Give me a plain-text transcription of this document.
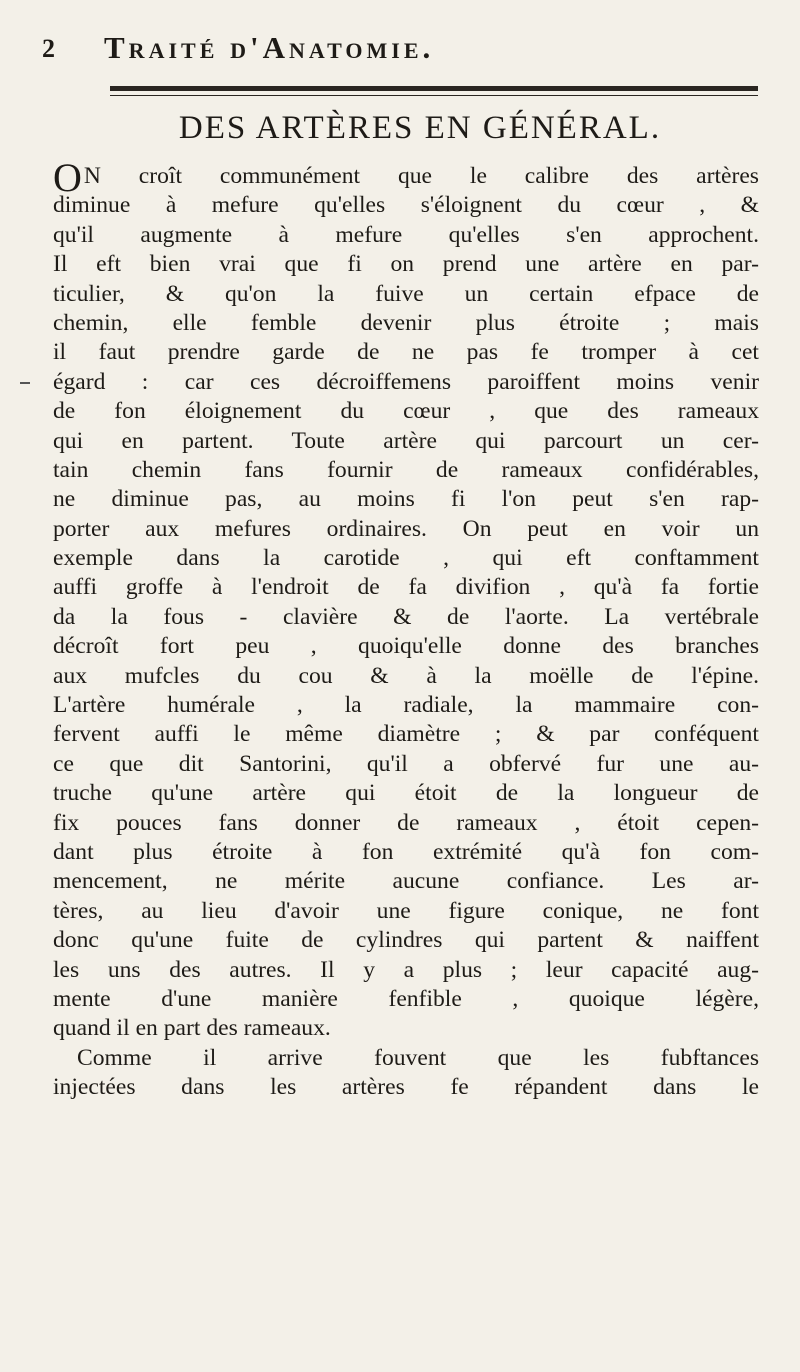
2 Traité d'Anatomie.
DES ARTÈRES EN GÉNÉRAL.
ON croît communément que le calibre des artères
diminue à mefure qu'elles s'éloignent du cœur , &
qu'il augmente à mefure qu'elles s'en approchent.
Il eft bien vrai que fi on prend une artère en par-
ticulier, & qu'on la fuive un certain efpace de
chemin, elle femble devenir plus étroite ; mais
il faut prendre garde de ne pas fe tromper à cet
égard : car ces décroiffemens paroiffent moins venir
de fon éloignement du cœur , que des rameaux
qui en partent. Toute artère qui parcourt un cer-
tain chemin fans fournir de rameaux confidérables,
ne diminue pas, au moins fi l'on peut s'en rap-
porter aux mefures ordinaires. On peut en voir un
exemple dans la carotide , qui eft conftamment
auffi groffe à l'endroit de fa divifion , qu'à fa fortie
da la fous - clavière & de l'aorte. La vertébrale
décroît fort peu , quoiqu'elle donne des branches
aux mufcles du cou & à la moëlle de l'épine.
L'artère humérale , la radiale, la mammaire con-
fervent auffi le même diamètre ; & par conféquent
ce que dit Santorini, qu'il a obfervé fur une au-
truche qu'une artère qui étoit de la longueur de
fix pouces fans donner de rameaux , étoit cepen-
dant plus étroite à fon extrémité qu'à fon com-
mencement, ne mérite aucune confiance. Les ar-
tères, au lieu d'avoir une figure conique, ne font
donc qu'une fuite de cylindres qui partent & naiffent
les uns des autres. Il y a plus ; leur capacité aug-
mente d'une manière fenfible , quoique légère,
quand il en part des rameaux.
Comme il arrive fouvent que les fubftances
injectées dans les artères fe répandent dans le
